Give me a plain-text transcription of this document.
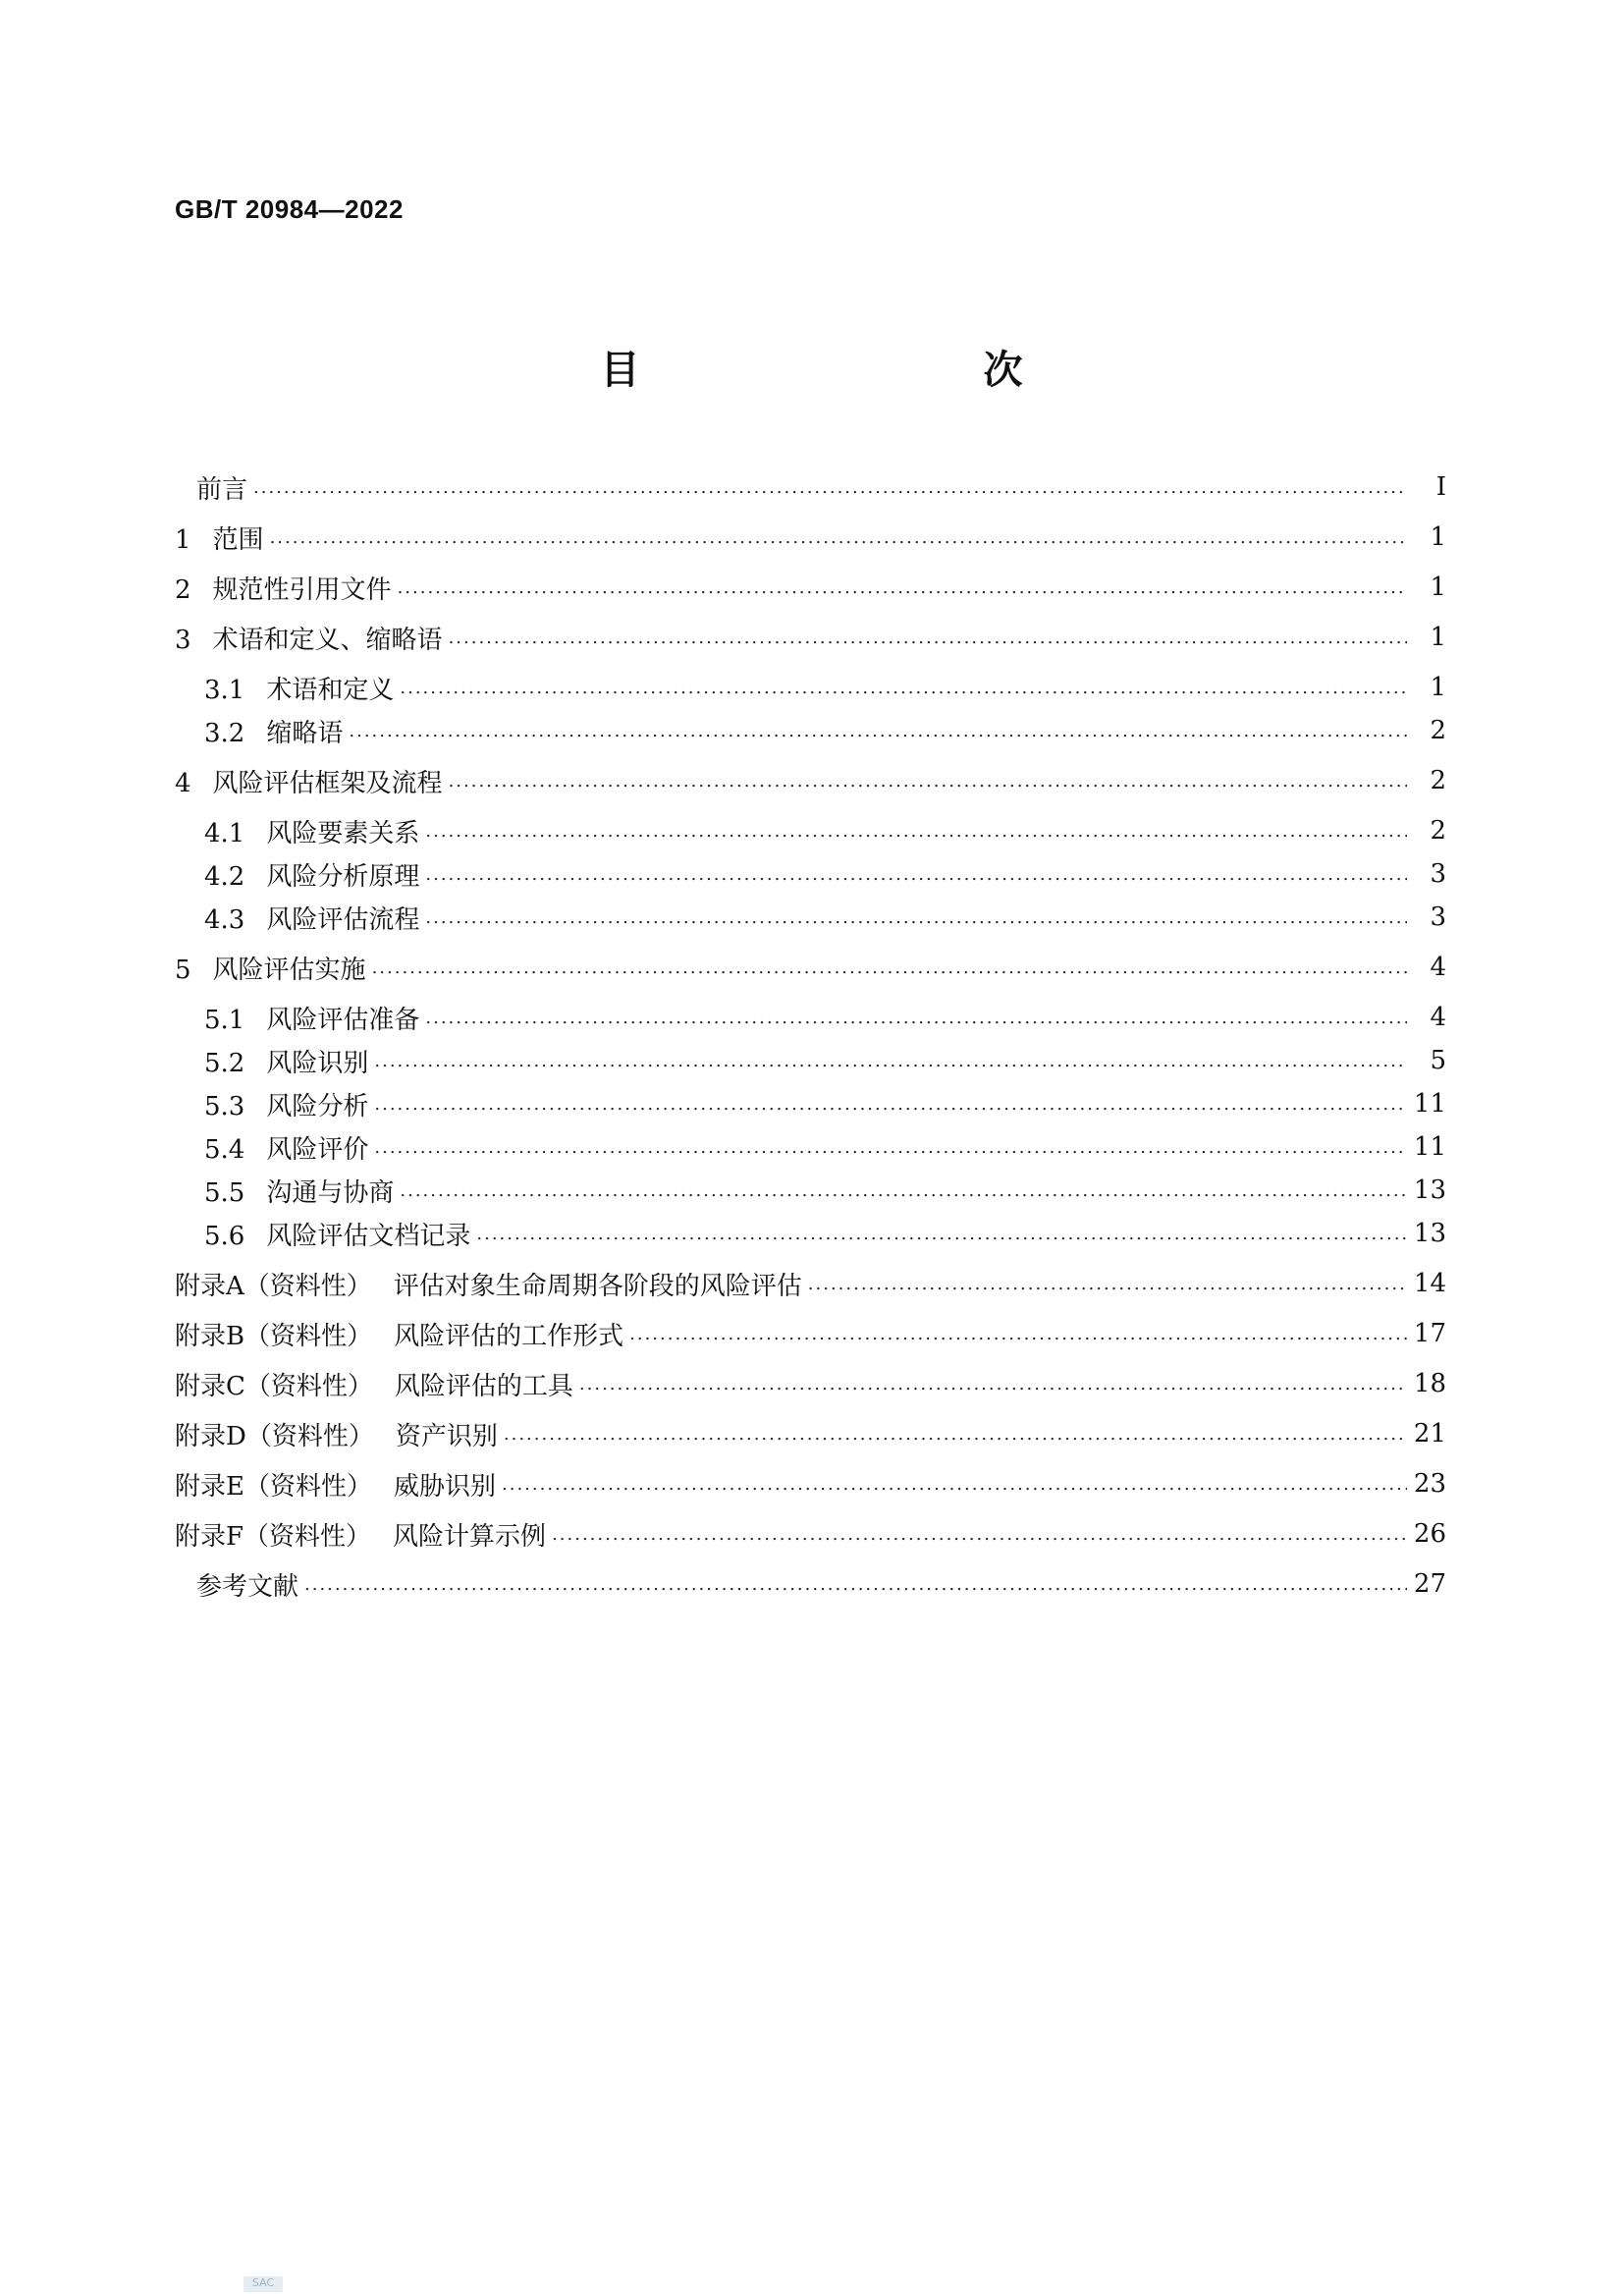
GB/T 20984—2022
目　　次
前言 .....	Ⅰ
1 范围 .....	1
2 规范性引用文件 .....	1
3 术语和定义、缩略语 .....	1
3.1 术语和定义 .....	1
3.2 缩略语 .....	2
4 风险评估框架及流程 .....	2
4.1 风险要素关系 .....	2
4.2 风险分析原理 .....	3
4.3 风险评估流程 .....	3
5 风险评估实施 .....	4
5.1 风险评估准备 .....	4
5.2 风险识别 .....	5
5.3 风险分析 .....	11
5.4 风险评价 .....	11
5.5 沟通与协商 .....	13
5.6 风险评估文档记录 .....	13
附录A（资料性） 评估对象生命周期各阶段的风险评估 .....	14
附录B（资料性） 风险评估的工作形式 .....	17
附录C（资料性） 风险评估的工具 .....	18
附录D（资料性） 资产识别 .....	21
附录E（资料性） 威胁识别 .....	23
附录F（资料性） 风险计算示例 .....	26
参考文献 .....	27
SAC
